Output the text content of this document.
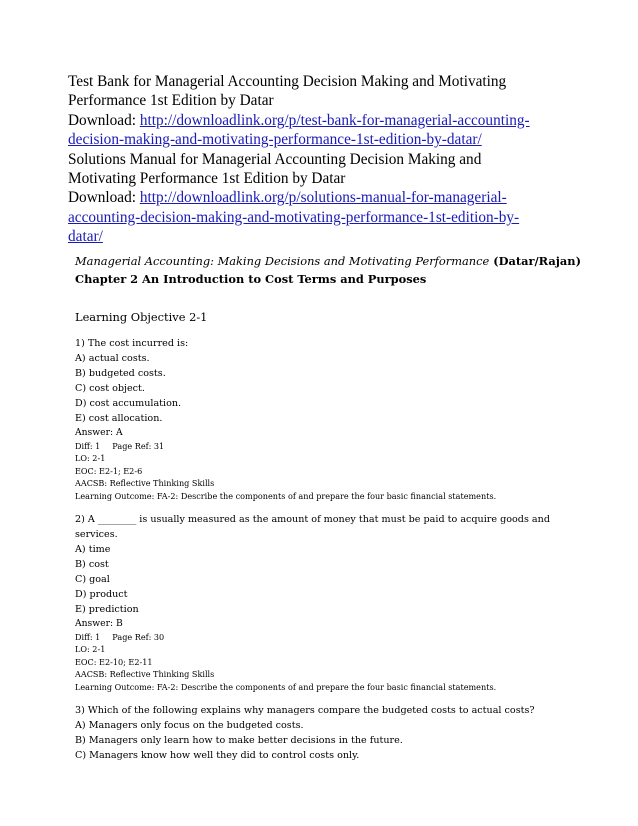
Test Bank for Managerial Accounting Decision Making and Motivating
Performance 1st Edition by Datar
Download: http://downloadlink.org/p/test-bank-for-managerial-accounting-
decision-making-and-motivating-performance-1st-edition-by-datar/
Solutions Manual for Managerial Accounting Decision Making and
Motivating Performance 1st Edition by Datar
Download: http://downloadlink.org/p/solutions-manual-for-managerial-
accounting-decision-making-and-motivating-performance-1st-edition-by-
datar/
Managerial Accounting: Making Decisions and Motivating Performance (Datar/Rajan)
Chapter 2 An Introduction to Cost Terms and Purposes
Learning Objective 2-1
1) The cost incurred is:
A) actual costs.
B) budgeted costs.
C) cost object.
D) cost accumulation.
E) cost allocation.
Answer: A
Diff: 1 Page Ref: 31
LO: 2-1
EOC: E2-1; E2-6
AACSB: Reflective Thinking Skills
Learning Outcome: FA-2: Describe the components of and prepare the four basic financial statements.
2) A ________ is usually measured as the amount of money that must be paid to acquire goods and
services.
A) time
B) cost
C) goal
D) product
E) prediction
Answer: B
Diff: 1 Page Ref: 30
LO: 2-1
EOC: E2-10; E2-11
AACSB: Reflective Thinking Skills
Learning Outcome: FA-2: Describe the components of and prepare the four basic financial statements.
3) Which of the following explains why managers compare the budgeted costs to actual costs?
A) Managers only focus on the budgeted costs.
B) Managers only learn how to make better decisions in the future.
C) Managers know how well they did to control costs only.
